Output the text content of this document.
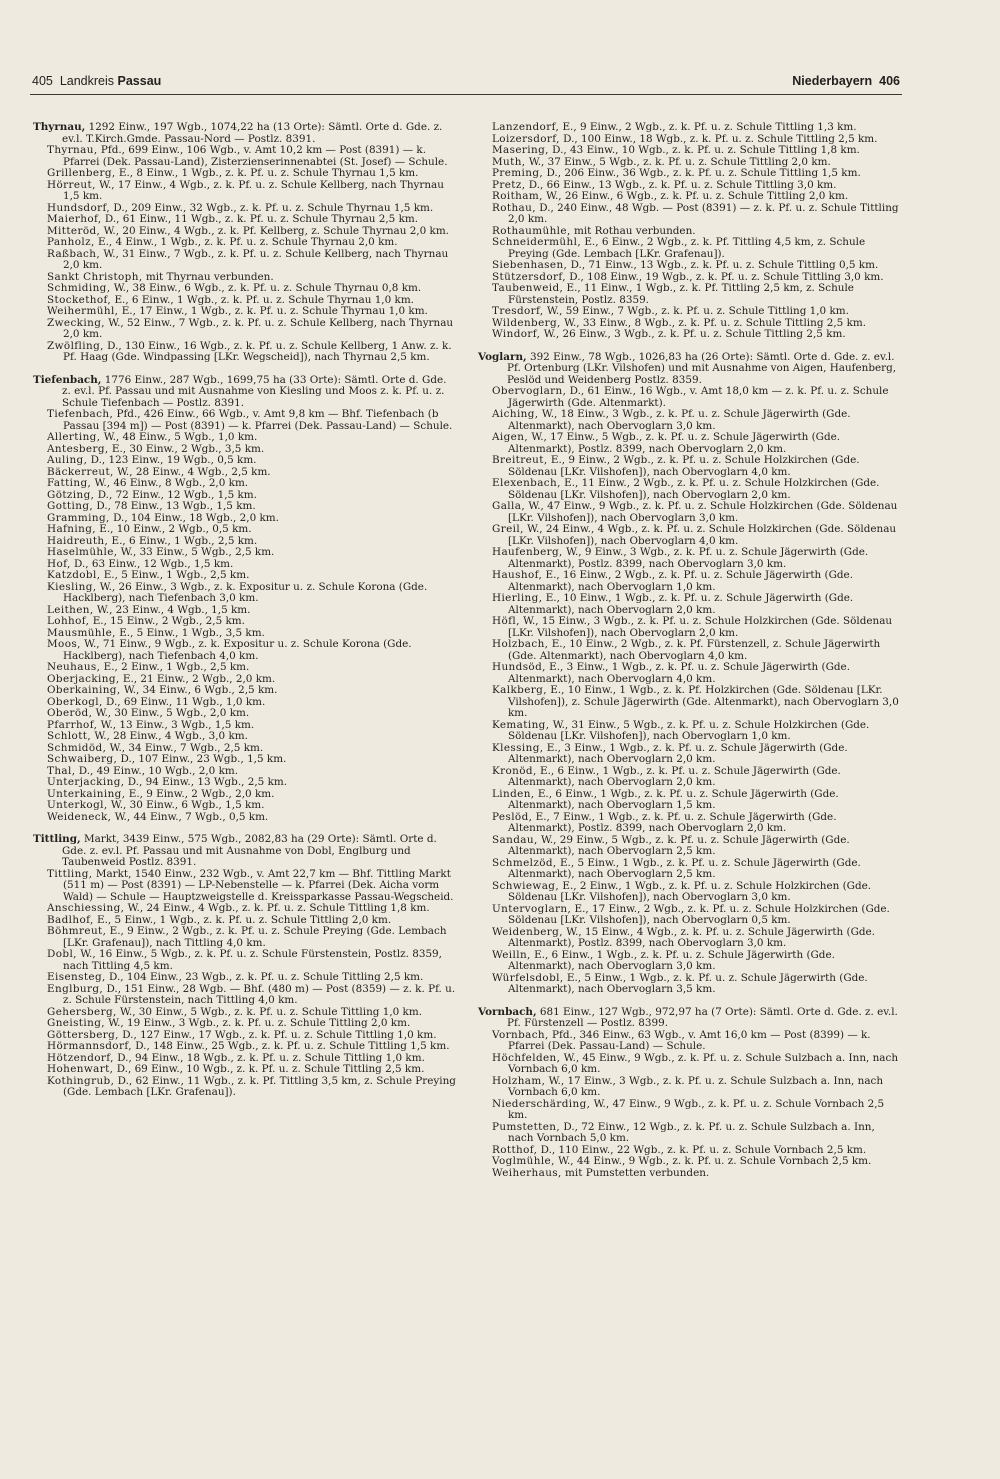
405 Landkreis Passau	Niederbayern 406
Thyrnau, 1292 Einw., 197 Wgb., 1074,22 ha (13 Orte): Sämtl. Orte d. Gde. z. ev.l. T.Kirch.Gmde. Passau-Nord — Postlz. 8391.
Thyrnau, Pfd., 699 Einw., 106 Wgb., v. Amt 10,2 km — Post (8391) — k. Pfarrei (Dek. Passau-Land), Zisterzienserinnenabtei (St. Josef) — Schule.
Grillenberg, E., 8 Einw., 1 Wgb., z. k. Pf. u. z. Schule Thyrnau 1,5 km.
Hörreut, W., 17 Einw., 4 Wgb., z. k. Pf. u. z. Schule Kellberg, nach Thyrnau 1,5 km.
Hundsdorf, D., 209 Einw., 32 Wgb., z. k. Pf. u. z. Schule Thyrnau 1,5 km.
Maierhof, D., 61 Einw., 11 Wgb., z. k. Pf. u. z. Schule Thyrnau 2,5 km.
Mitteröd, W., 20 Einw., 4 Wgb., z. k. Pf. Kellberg, z. Schule Thyrnau 2,0 km.
Panholz, E., 4 Einw., 1 Wgb., z. k. Pf. u. z. Schule Thyrnau 2,0 km.
Raßbach, W., 31 Einw., 7 Wgb., z. k. Pf. u. z. Schule Kellberg, nach Thyrnau 2,0 km.
Sankt Christoph, mit Thyrnau verbunden.
Schmiding, W., 38 Einw., 6 Wgb., z. k. Pf. u. z. Schule Thyrnau 0,8 km.
Stockethof, E., 6 Einw., 1 Wgb., z. k. Pf. u. z. Schule Thyrnau 1,0 km.
Weihermühl, E., 17 Einw., 1 Wgb., z. k. Pf. u. z. Schule Thyrnau 1,0 km.
Zwecking, W., 52 Einw., 7 Wgb., z. k. Pf. u. z. Schule Kellberg, nach Thyrnau 2,0 km.
Zwölfling, D., 130 Einw., 16 Wgb., z. k. Pf. u. z. Schule Kellberg, 1 Anw. z. k. Pf. Haag (Gde. Windpassing [LKr. Wegscheid]), nach Thyrnau 2,5 km.
Tiefenbach, 1776 Einw., 287 Wgb., 1699,75 ha (33 Orte): Sämtl. Orte d. Gde. z. ev.l. Pf. Passau und mit Ausnahme von Kiesling und Moos z. k. Pf. u. z. Schule Tiefenbach — Postlz. 8391.
Tiefenbach, Pfd., 426 Einw., 66 Wgb., v. Amt 9,8 km — Bhf. Tiefenbach (b Passau [394 m]) — Post (8391) — k. Pfarrei (Dek. Passau-Land) — Schule.
Allerting, W., 48 Einw., 5 Wgb., 1,0 km.
Antesberg, E., 30 Einw., 2 Wgb., 3,5 km.
Auling, D., 123 Einw., 19 Wgb., 0,5 km.
Bäckerreut, W., 28 Einw., 4 Wgb., 2,5 km.
Fatting, W., 46 Einw., 8 Wgb., 2,0 km.
Götzing, D., 72 Einw., 12 Wgb., 1,5 km.
Gotting, D., 78 Einw., 13 Wgb., 1,5 km.
Gramming, D., 104 Einw., 18 Wgb., 2,0 km.
Hafning, E., 10 Einw., 2 Wgb., 0,5 km.
Haidreuth, E., 6 Einw., 1 Wgb., 2,5 km.
Haselmühle, W., 33 Einw., 5 Wgb., 2,5 km.
Hof, D., 63 Einw., 12 Wgb., 1,5 km.
Katzdobl, E., 5 Einw., 1 Wgb., 2,5 km.
Kiesling, W., 26 Einw., 3 Wgb., z. k. Expositur u. z. Schule Korona (Gde. Hacklberg), nach Tiefenbach 3,0 km.
Leithen, W., 23 Einw., 4 Wgb., 1,5 km.
Lohhof, E., 15 Einw., 2 Wgb., 2,5 km.
Mausmühle, E., 5 Einw., 1 Wgb., 3,5 km.
Moos, W., 71 Einw., 9 Wgb., z. k. Expositur u. z. Schule Korona (Gde. Hacklberg), nach Tiefenbach 4,0 km.
Neuhaus, E., 2 Einw., 1 Wgb., 2,5 km.
Oberjacking, E., 21 Einw., 2 Wgb., 2,0 km.
Oberkaining, W., 34 Einw., 6 Wgb., 2,5 km.
Oberkogl, D., 69 Einw., 11 Wgb., 1,0 km.
Oberöd, W., 30 Einw., 5 Wgb., 2,0 km.
Pfarrhof, W., 13 Einw., 3 Wgb., 1,5 km.
Schlott, W., 28 Einw., 4 Wgb., 3,0 km.
Schmidöd, W., 34 Einw., 7 Wgb., 2,5 km.
Schwaiberg, D., 107 Einw., 23 Wgb., 1,5 km.
Thal, D., 49 Einw., 10 Wgb., 2,0 km.
Unterjacking, D., 94 Einw., 13 Wgb., 2,5 km.
Unterkaining, E., 9 Einw., 2 Wgb., 2,0 km.
Unterkogl, W., 30 Einw., 6 Wgb., 1,5 km.
Weideneck, W., 44 Einw., 7 Wgb., 0,5 km.
Tittling, Markt, 3439 Einw., 575 Wgb., 2082,83 ha (29 Orte): Sämtl. Orte d. Gde. z. ev.l. Pf. Passau und mit Ausnahme von Dobl, Englburg und Taubenweid Postlz. 8391.
Tittling, Markt, 1540 Einw., 232 Wgb., v. Amt 22,7 km — Bhf. Tittling Markt (511 m) — Post (8391) — LP-Nebenstelle — k. Pfarrei (Dek. Aicha vorm Wald) — Schule — Hauptzweigstelle d. Kreissparkasse Passau-Wegscheid.
Anschiessing, W., 24 Einw., 4 Wgb., z. k. Pf. u. z. Schule Tittling 1,8 km.
Badlhof, E., 5 Einw., 1 Wgb., z. k. Pf. u. z. Schule Tittling 2,0 km.
Böhmreut, E., 9 Einw., 2 Wgb., z. k. Pf. u. z. Schule Preying (Gde. Lembach [LKr. Grafenau]), nach Tittling 4,0 km.
Dobl, W., 16 Einw., 5 Wgb., z. k. Pf. u. z. Schule Fürstenstein, Postlz. 8359, nach Tittling 4,5 km.
Eisensteg, D., 104 Einw., 23 Wgb., z. k. Pf. u. z. Schule Tittling 2,5 km.
Englburg, D., 151 Einw., 28 Wgb. — Bhf. (480 m) — Post (8359) — z. k. Pf. u. z. Schule Fürstenstein, nach Tittling 4,0 km.
Gehersberg, W., 30 Einw., 5 Wgb., z. k. Pf. u. z. Schule Tittling 1,0 km.
Gneisting, W., 19 Einw., 3 Wgb., z. k. Pf. u. z. Schule Tittling 2,0 km.
Göttersberg, D., 127 Einw., 17 Wgb., z. k. Pf. u. z. Schule Tittling 1,0 km.
Hörmannsdorf, D., 148 Einw., 25 Wgb., z. k. Pf. u. z. Schule Tittling 1,5 km.
Hötzendorf, D., 94 Einw., 18 Wgb., z. k. Pf. u. z. Schule Tittling 1,0 km.
Hohenwart, D., 69 Einw., 10 Wgb., z. k. Pf. u. z. Schule Tittling 2,5 km.
Kothingrub, D., 62 Einw., 11 Wgb., z. k. Pf. Tittling 3,5 km, z. Schule Preying (Gde. Lembach [LKr. Grafenau]).
Lanzendorf, E., 9 Einw., 2 Wgb., z. k. Pf. u. z. Schule Tittling 1,3 km.
Loizersdorf, D., 100 Einw., 18 Wgb., z. k. Pf. u. z. Schule Tittling 2,5 km.
Masering, D., 43 Einw., 10 Wgb., z. k. Pf. u. z. Schule Tittling 1,8 km.
Muth, W., 37 Einw., 5 Wgb., z. k. Pf. u. z. Schule Tittling 2,0 km.
Preming, D., 206 Einw., 36 Wgb., z. k. Pf. u. z. Schule Tittling 1,5 km.
Pretz, D., 66 Einw., 13 Wgb., z. k. Pf. u. z. Schule Tittling 3,0 km.
Roitham, W., 26 Einw., 6 Wgb., z. k. Pf. u. z. Schule Tittling 2,0 km.
Rothau, D., 240 Einw., 48 Wgb. — Post (8391) — z. k. Pf. u. z. Schule Tittling 2,0 km.
Rothaumühle, mit Rothau verbunden.
Schneidermühl, E., 6 Einw., 2 Wgb., z. k. Pf. Tittling 4,5 km, z. Schule Preying (Gde. Lembach [LKr. Grafenau]).
Siebenhasen, D., 71 Einw., 13 Wgb., z. k. Pf. u. z. Schule Tittling 0,5 km.
Stützersdorf, D., 108 Einw., 19 Wgb., z. k. Pf. u. z. Schule Tittling 3,0 km.
Taubenweid, E., 11 Einw., 1 Wgb., z. k. Pf. Tittling 2,5 km, z. Schule Fürstenstein, Postlz. 8359.
Tresdorf, W., 59 Einw., 7 Wgb., z. k. Pf. u. z. Schule Tittling 1,0 km.
Wildenberg, W., 33 Einw., 8 Wgb., z. k. Pf. u. z. Schule Tittling 2,5 km.
Windorf, W., 26 Einw., 3 Wgb., z. k. Pf. u. z. Schule Tittling 2,5 km.
Voglarn, 392 Einw., 78 Wgb., 1026,83 ha (26 Orte): Sämtl. Orte d. Gde. z. ev.l. Pf. Ortenburg (LKr. Vilshofen) und mit Ausnahme von Aigen, Haufenberg, Peslöd und Weidenberg Postlz. 8359.
Obervoglarn, D., 61 Einw., 16 Wgb., v. Amt 18,0 km — z. k. Pf. u. z. Schule Jägerwirth (Gde. Altenmarkt).
Aiching, W., 18 Einw., 3 Wgb., z. k. Pf. u. z. Schule Jägerwirth (Gde. Altenmarkt), nach Obervoglarn 3,0 km.
Aigen, W., 17 Einw., 5 Wgb., z. k. Pf. u. z. Schule Jägerwirth (Gde. Altenmarkt), Postlz. 8399, nach Obervoglarn 2,0 km.
Breitreut, E., 9 Einw., 2 Wgb., z. k. Pf. u. z. Schule Holzkirchen (Gde. Söldenau [LKr. Vilshofen]), nach Obervoglarn 4,0 km.
Elexenbach, E., 11 Einw., 2 Wgb., z. k. Pf. u. z. Schule Holzkirchen (Gde. Söldenau [LKr. Vilshofen]), nach Obervoglarn 2,0 km.
Galla, W., 47 Einw., 9 Wgb., z. k. Pf. u. z. Schule Holzkirchen (Gde. Söldenau [LKr. Vilshofen]), nach Obervoglarn 3,0 km.
Greil, W., 24 Einw., 4 Wgb., z. k. Pf. u. z. Schule Holzkirchen (Gde. Söldenau [LKr. Vilshofen]), nach Obervoglarn 4,0 km.
Haufenberg, W., 9 Einw., 3 Wgb., z. k. Pf. u. z. Schule Jägerwirth (Gde. Altenmarkt), Postlz. 8399, nach Obervoglarn 3,0 km.
Haushof, E., 16 Einw., 2 Wgb., z. k. Pf. u. z. Schule Jägerwirth (Gde. Altenmarkt), nach Obervoglarn 1,0 km.
Hierling, E., 10 Einw., 1 Wgb., z. k. Pf. u. z. Schule Jägerwirth (Gde. Altenmarkt), nach Obervoglarn 2,0 km.
Höfl, W., 15 Einw., 3 Wgb., z. k. Pf. u. z. Schule Holzkirchen (Gde. Söldenau [LKr. Vilshofen]), nach Obervoglarn 2,0 km.
Holzbach, E., 10 Einw., 2 Wgb., z. k. Pf. Fürstenzell, z. Schule Jägerwirth (Gde. Altenmarkt), nach Obervoglarn 4,0 km.
Hundsöd, E., 3 Einw., 1 Wgb., z. k. Pf. u. z. Schule Jägerwirth (Gde. Altenmarkt), nach Obervoglarn 4,0 km.
Kalkberg, E., 10 Einw., 1 Wgb., z. k. Pf. Holzkirchen (Gde. Söldenau [LKr. Vilshofen]), z. Schule Jägerwirth (Gde. Altenmarkt), nach Obervoglarn 3,0 km.
Kemating, W., 31 Einw., 5 Wgb., z. k. Pf. u. z. Schule Holzkirchen (Gde. Söldenau [LKr. Vilshofen]), nach Obervoglarn 1,0 km.
Klessing, E., 3 Einw., 1 Wgb., z. k. Pf. u. z. Schule Jägerwirth (Gde. Altenmarkt), nach Obervoglarn 2,0 km.
Kronöd, E., 6 Einw., 1 Wgb., z. k. Pf. u. z. Schule Jägerwirth (Gde. Altenmarkt), nach Obervoglarn 2,0 km.
Linden, E., 6 Einw., 1 Wgb., z. k. Pf. u. z. Schule Jägerwirth (Gde. Altenmarkt), nach Obervoglarn 1,5 km.
Peslöd, E., 7 Einw., 1 Wgb., z. k. Pf. u. z. Schule Jägerwirth (Gde. Altenmarkt), Postlz. 8399, nach Obervoglarn 2,0 km.
Sandau, W., 29 Einw., 5 Wgb., z. k. Pf. u. z. Schule Jägerwirth (Gde. Altenmarkt), nach Obervoglarn 2,5 km.
Schmelzöd, E., 5 Einw., 1 Wgb., z. k. Pf. u. z. Schule Jägerwirth (Gde. Altenmarkt), nach Obervoglarn 2,5 km.
Schwiewag, E., 2 Einw., 1 Wgb., z. k. Pf. u. z. Schule Holzkirchen (Gde. Söldenau [LKr. Vilshofen]), nach Obervoglarn 3,0 km.
Untervoglarn, E., 17 Einw., 2 Wgb., z. k. Pf. u. z. Schule Holzkirchen (Gde. Söldenau [LKr. Vilshofen]), nach Obervoglarn 0,5 km.
Weidenberg, W., 15 Einw., 4 Wgb., z. k. Pf. u. z. Schule Jägerwirth (Gde. Altenmarkt), Postlz. 8399, nach Obervoglarn 3,0 km.
Weilln, E., 6 Einw., 1 Wgb., z. k. Pf. u. z. Schule Jägerwirth (Gde. Altenmarkt), nach Obervoglarn 3,0 km.
Würfelsdobl, E., 5 Einw., 1 Wgb., z. k. Pf. u. z. Schule Jägerwirth (Gde. Altenmarkt), nach Obervoglarn 3,5 km.
Vornbach, 681 Einw., 127 Wgb., 972,97 ha (7 Orte): Sämtl. Orte d. Gde. z. ev.l. Pf. Fürstenzell — Postlz. 8399.
Vornbach, Pfd., 346 Einw., 63 Wgb., v. Amt 16,0 km — Post (8399) — k. Pfarrei (Dek. Passau-Land) — Schule.
Höchfelden, W., 45 Einw., 9 Wgb., z. k. Pf. u. z. Schule Sulzbach a. Inn, nach Vornbach 6,0 km.
Holzham, W., 17 Einw., 3 Wgb., z. k. Pf. u. z. Schule Sulzbach a. Inn, nach Vornbach 6,0 km.
Niederschärding, W., 47 Einw., 9 Wgb., z. k. Pf. u. z. Schule Vornbach 2,5 km.
Pumstetten, D., 72 Einw., 12 Wgb., z. k. Pf. u. z. Schule Sulzbach a. Inn, nach Vornbach 5,0 km.
Rotthof, D., 110 Einw., 22 Wgb., z. k. Pf. u. z. Schule Vornbach 2,5 km.
Voglmühle, W., 44 Einw., 9 Wgb., z. k. Pf. u. z. Schule Vornbach 2,5 km.
Weiherhaus, mit Pumstetten verbunden.
